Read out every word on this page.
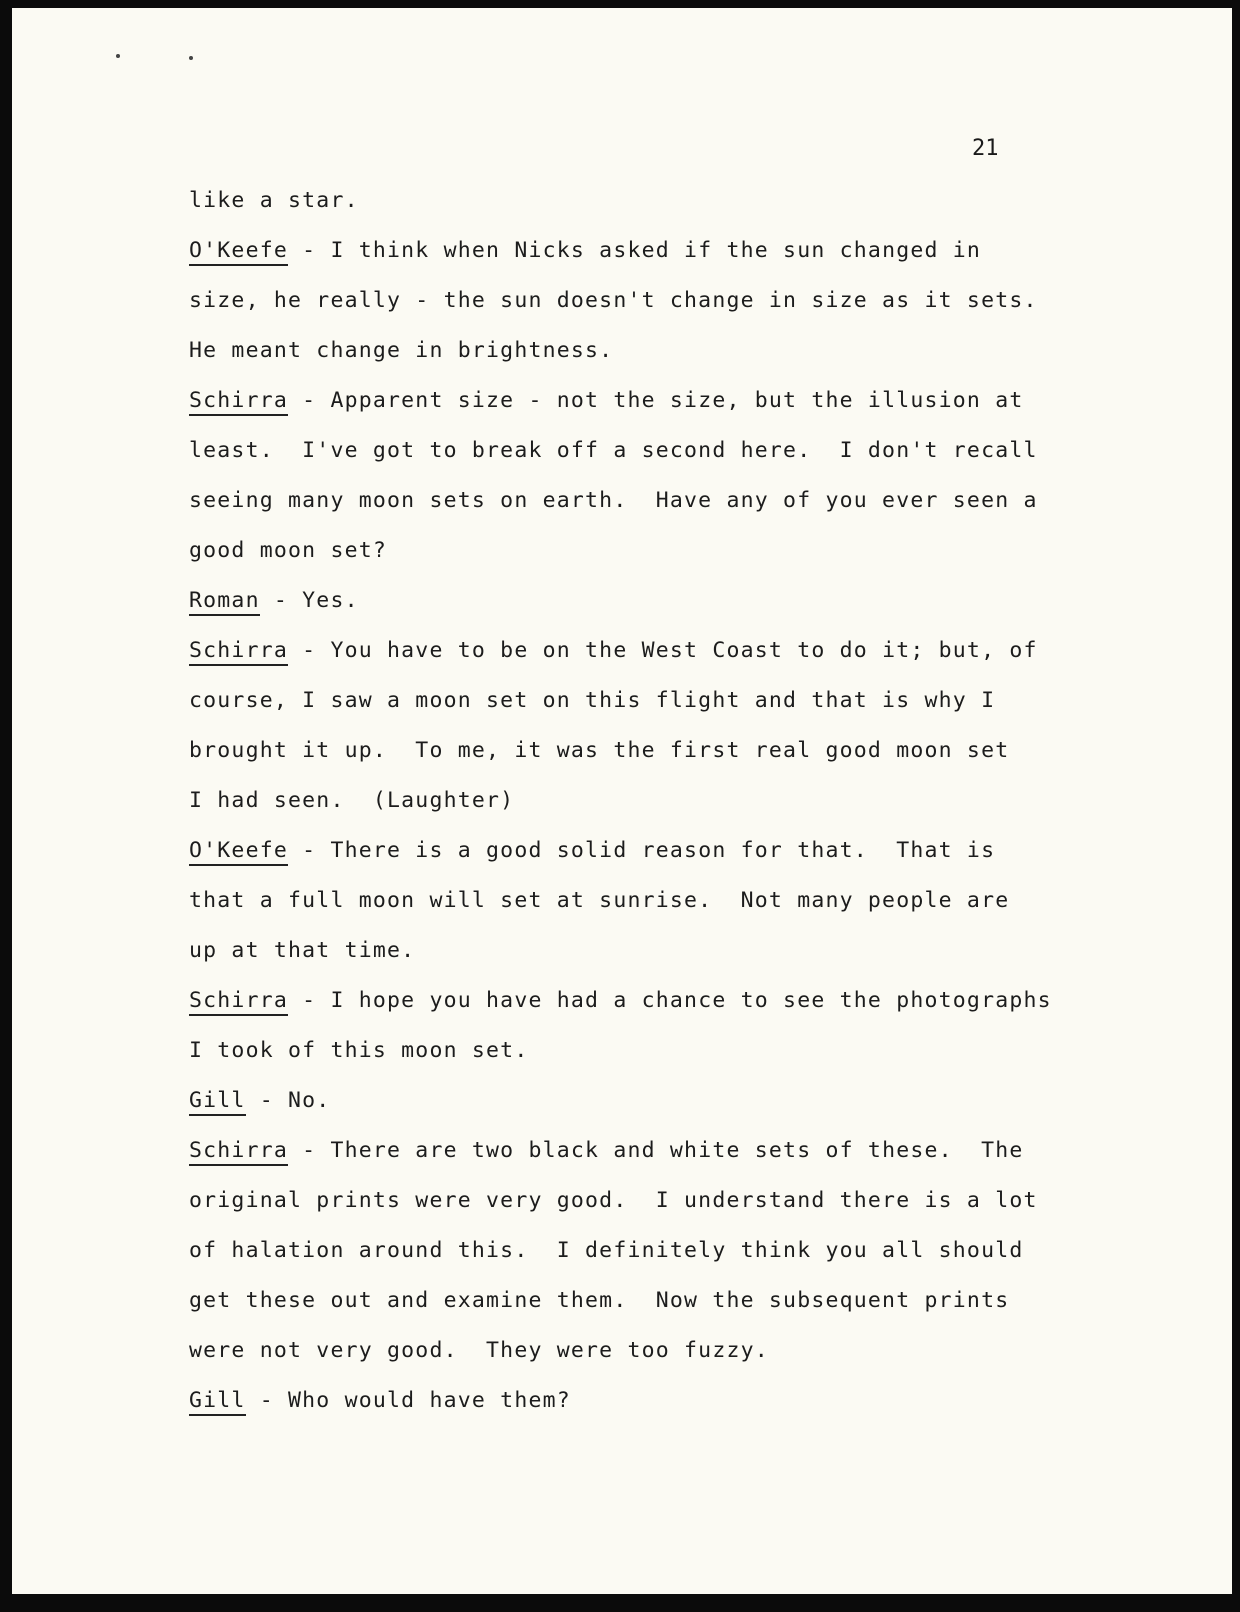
21
like a star.
O'Keefe - I think when Nicks asked if the sun changed in
size, he really - the sun doesn't change in size as it sets.
He meant change in brightness.
Schirra - Apparent size - not the size, but the illusion at
least.  I've got to break off a second here.  I don't recall
seeing many moon sets on earth.  Have any of you ever seen a
good moon set?
Roman - Yes.
Schirra - You have to be on the West Coast to do it; but, of
course, I saw a moon set on this flight and that is why I
brought it up.  To me, it was the first real good moon set
I had seen.  (Laughter)
O'Keefe - There is a good solid reason for that.  That is
that a full moon will set at sunrise.  Not many people are
up at that time.
Schirra - I hope you have had a chance to see the photographs
I took of this moon set.
Gill - No.
Schirra - There are two black and white sets of these.  The
original prints were very good.  I understand there is a lot
of halation around this.  I definitely think you all should
get these out and examine them.  Now the subsequent prints
were not very good.  They were too fuzzy.
Gill - Who would have them?
